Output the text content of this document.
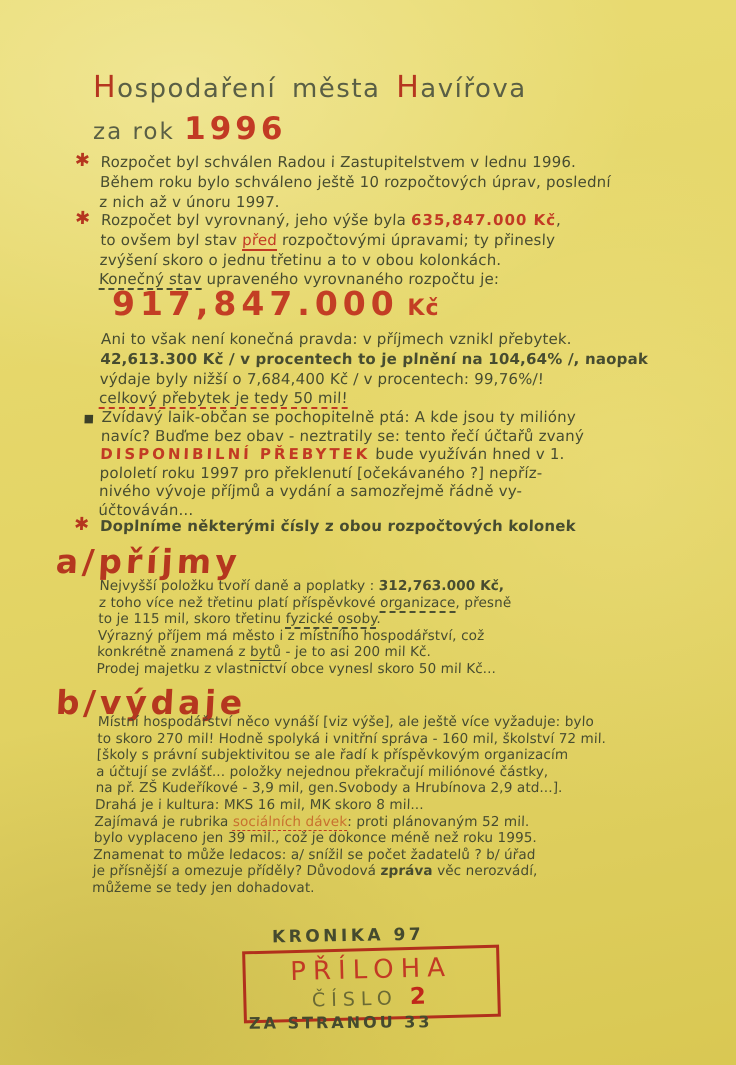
Hospodaření města Havířova
za rok 1996
✱ Rozpočet byl schválen Radou i Zastupitelstvem v lednu 1996.
Během roku bylo schváleno ještě 10 rozpočtových úprav, poslední
z nich až v únoru 1997.
✱ Rozpočet byl vyrovnaný, jeho výše byla 635,847.000 Kč,
to ovšem byl stav před rozpočtovými úpravami; ty přinesly
zvýšení skoro o jednu třetinu a to v obou kolonkách.
Konečný stav upraveného vyrovnaného rozpočtu je:
917,847.000 Kč
Ani to však není konečná pravda: v příjmech vznikl přebytek.
42,613.300 Kč / v procentech to je plnění na 104,64% /, naopak
výdaje byly nižší o 7,684,400 Kč / v procentech: 99,76%/!
celkový přebytek je tedy 50 mil!
■ Zvídavý laik-občan se pochopitelně ptá: A kde jsou ty milióny
navíc? Buďme bez obav - neztratily se: tento řečí účtařů zvaný
DISPONIBILNÍ PŘEBYTEK bude využíván hned v 1.
pololetí roku 1997 pro překlenutí [očekávaného ?] nepříz-
nivého vývoje příjmů a vydání a samozřejmě řádně vy-
účtováván...
✱ Doplníme některými čísly z obou rozpočtových kolonek
a/příjmy
Nejvyšší položku tvoří daně a poplatky : 312,763.000 Kč,
z toho více než třetinu platí příspěvkové organizace, přesně
to je 115 mil, skoro třetinu fyzické osoby.
Výrazný příjem má město i z místního hospodářství, což
konkrétně znamená z bytů - je to asi 200 mil Kč.
Prodej majetku z vlastnictví obce vynesl skoro 50 mil Kč...
b/výdaje
Místní hospodářství něco vynáší [viz výše], ale ještě více vyžaduje: bylo
to skoro 270 mil! Hodně spolyká i vnitřní správa - 160 mil, školství 72 mil.
[školy s právní subjektivitou se ale řadí k příspěvkovým organizacím
a účtují se zvlášť... položky nejednou překračují miliónové částky,
na př. ZŠ Kudeříkové - 3,9 mil, gen.Svobody a Hrubínova 2,9 atd...].
Drahá je i kultura: MKS 16 mil, MK skoro 8 mil...
Zajímavá je rubrika sociálních dávek: proti plánovaným 52 mil.
bylo vyplaceno jen 39 mil., což je dokonce méně než roku 1995.
Znamenat to může ledacos: a/ snížil se počet žadatelů ? b/ úřad
je přísnější a omezuje příděly? Důvodová zpráva věc nerozvádí,
můžeme se tedy jen dohadovat.
KRONIKA 97
PŘÍLOHA
ČÍSLO 2
ZA STRANOU 33
